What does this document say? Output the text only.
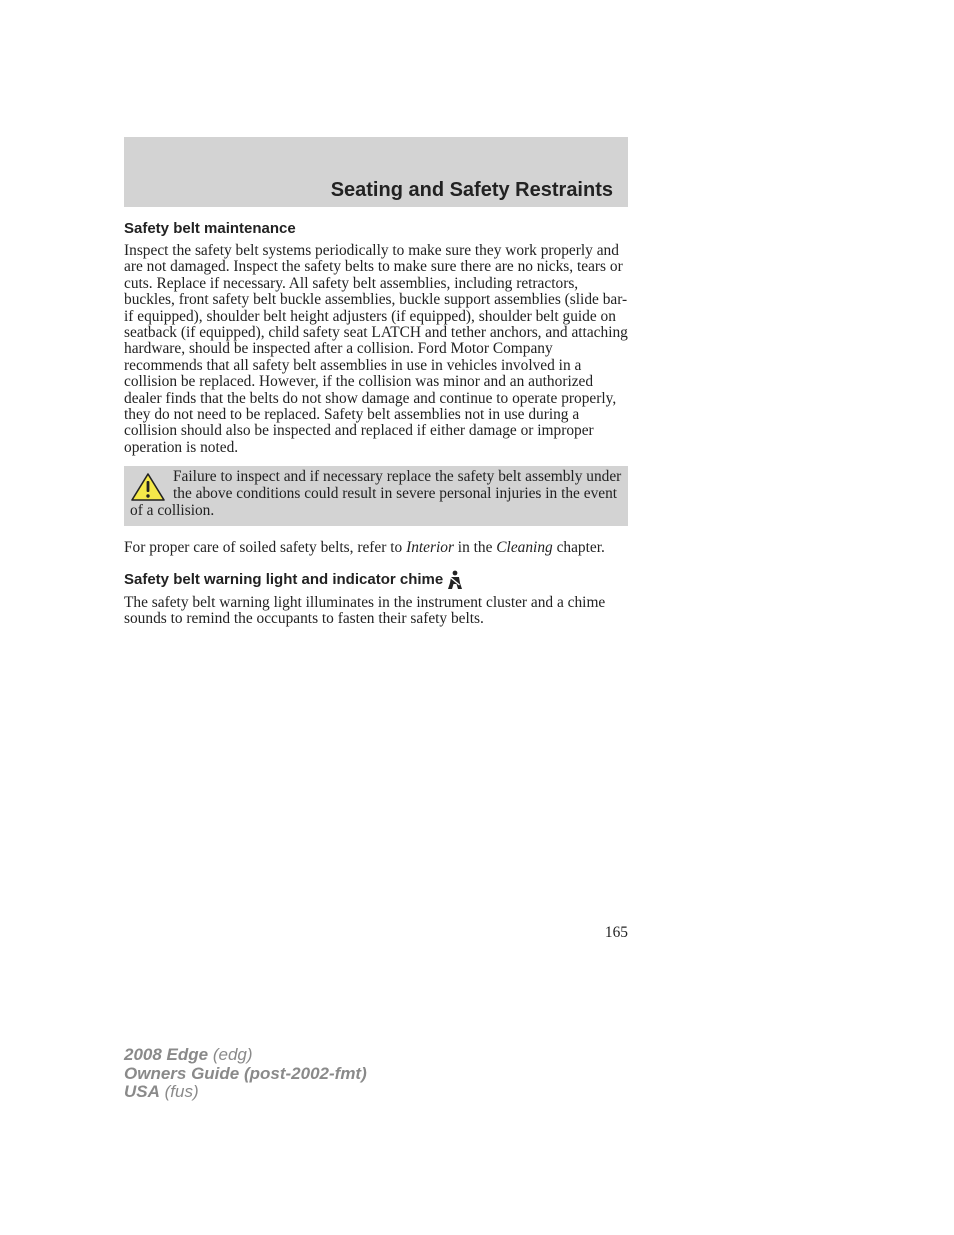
Seating and Safety Restraints
Safety belt maintenance

Inspect the safety belt systems periodically to make sure they work properly and are not damaged. Inspect the safety belts to make sure there are no nicks, tears or cuts. Replace if necessary. All safety belt assemblies, including retractors, buckles, front safety belt buckle assemblies, buckle support assemblies (slide bar-if equipped), shoulder belt height adjusters (if equipped), shoulder belt guide on seatback (if equipped), child safety seat LATCH and tether anchors, and attaching hardware, should be inspected after a collision. Ford Motor Company recommends that all safety belt assemblies in use in vehicles involved in a collision be replaced. However, if the collision was minor and an authorized dealer finds that the belts do not show damage and continue to operate properly, they do not need to be replaced. Safety belt assemblies not in use during a collision should also be inspected and replaced if either damage or improper operation is noted.

Failure to inspect and if necessary replace the safety belt assembly under the above conditions could result in severe personal injuries in the event of a collision.

For proper care of soiled safety belts, refer to Interior in the Cleaning chapter.

Safety belt warning light and indicator chime

The safety belt warning light illuminates in the instrument cluster and a chime sounds to remind the occupants to fasten their safety belts.

165
2008 Edge (edg)
Owners Guide (post-2002-fmt)
USA (fus)
